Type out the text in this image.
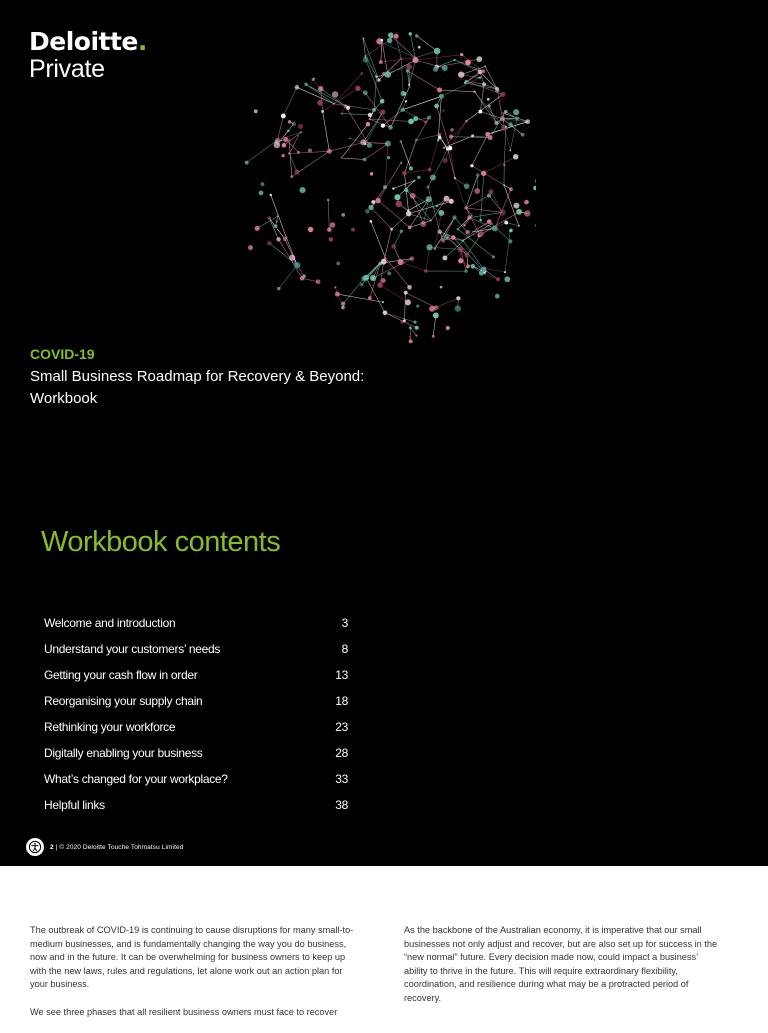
Deloitte.
Private
COVID-19
Small Business Roadmap for Recovery & Beyond:
Workbook
Workbook contents
Welcome and introduction	3
Understand your customers’ needs	8
Getting your cash flow in order	13
Reorganising your supply chain	18
Rethinking your workforce	23
Digitally enabling your business	28
What’s changed for your workplace?	33
Helpful links	38
2 | © 2020 Deloitte Touche Tohmatsu Limited

The outbreak of COVID-19 is continuing to cause disruptions for many small-to-medium businesses, and is fundamentally changing the way you do business, now and in the future. It can be overwhelming for business owners to keep up with the new laws, rules and regulations, let alone work out an action plan for your business.

We see three phases that all resilient business owners must face to recover

As the backbone of the Australian economy, it is imperative that our small businesses not only adjust and recover, but are also set up for success in the “new normal” future. Every decision made now, could impact a business’ ability to thrive in the future. This will require extraordinary flexibility, coordination, and resilience during what may be a protracted period of recovery.
